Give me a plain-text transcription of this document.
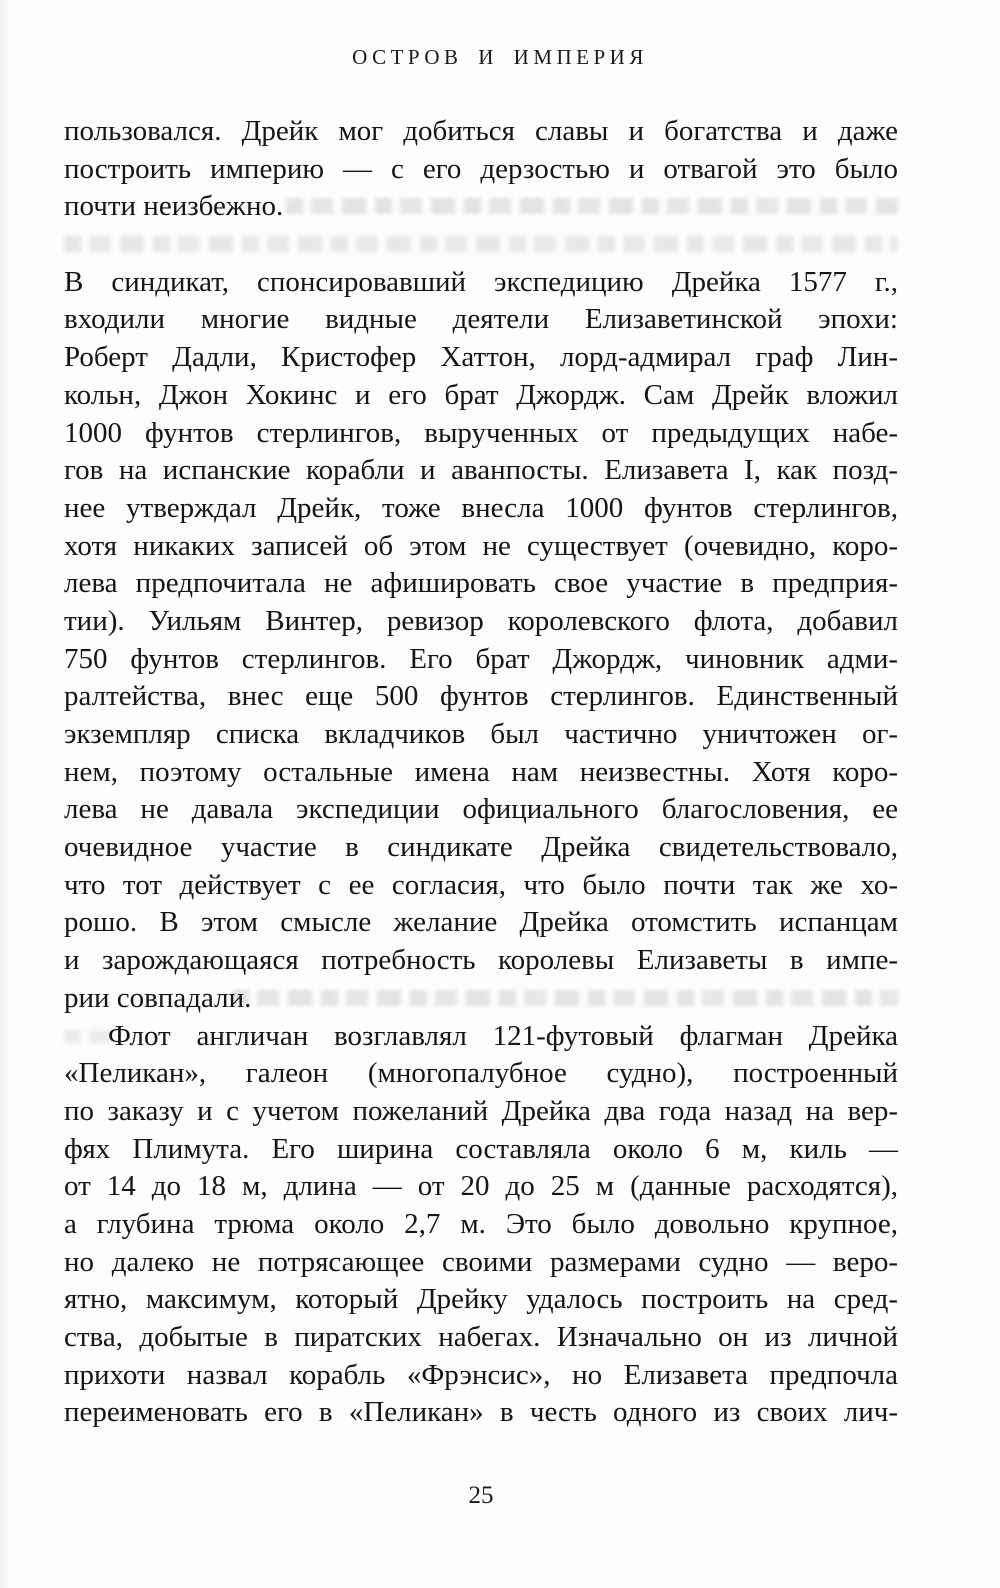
ОСТРОВ И ИМПЕРИЯ
пользовался. Дрейк мог добиться славы и богатства и даже
построить империю — с его дерзостью и отвагой это было
почти неизбежно.
В синдикат, спонсировавший экспедицию Дрейка 1577 г.,
входили многие видные деятели Елизаветинской эпохи:
Роберт Дадли, Кристофер Хаттон, лорд-адмирал граф Лин-
кольн, Джон Хокинс и его брат Джордж. Сам Дрейк вложил
1000 фунтов стерлингов, вырученных от предыдущих набе-
гов на испанские корабли и аванпосты. Елизавета I, как позд-
нее утверждал Дрейк, тоже внесла 1000 фунтов стерлингов,
хотя никаких записей об этом не существует (очевидно, коро-
лева предпочитала не афишировать свое участие в предприя-
тии). Уильям Винтер, ревизор королевского флота, добавил
750 фунтов стерлингов. Его брат Джордж, чиновник адми-
ралтейства, внес еще 500 фунтов стерлингов. Единственный
экземпляр списка вкладчиков был частично уничтожен ог-
нем, поэтому остальные имена нам неизвестны. Хотя коро-
лева не давала экспедиции официального благословения, ее
очевидное участие в синдикате Дрейка свидетельствовало,
что тот действует с ее согласия, что было почти так же хо-
рошо. В этом смысле желание Дрейка отомстить испанцам
и зарождающаяся потребность королевы Елизаветы в импе-
рии совпадали.
Флот англичан возглавлял 121-футовый флагман Дрейка
«Пеликан», галеон (многопалубное судно), построенный
по заказу и с учетом пожеланий Дрейка два года назад на вер-
фях Плимута. Его ширина составляла около 6 м, киль —
от 14 до 18 м, длина — от 20 до 25 м (данные расходятся),
а глубина трюма около 2,7 м. Это было довольно крупное,
но далеко не потрясающее своими размерами судно — веро-
ятно, максимум, который Дрейку удалось построить на сред-
ства, добытые в пиратских набегах. Изначально он из личной
прихоти назвал корабль «Фрэнсис», но Елизавета предпочла
переименовать его в «Пеликан» в честь одного из своих лич-
25
